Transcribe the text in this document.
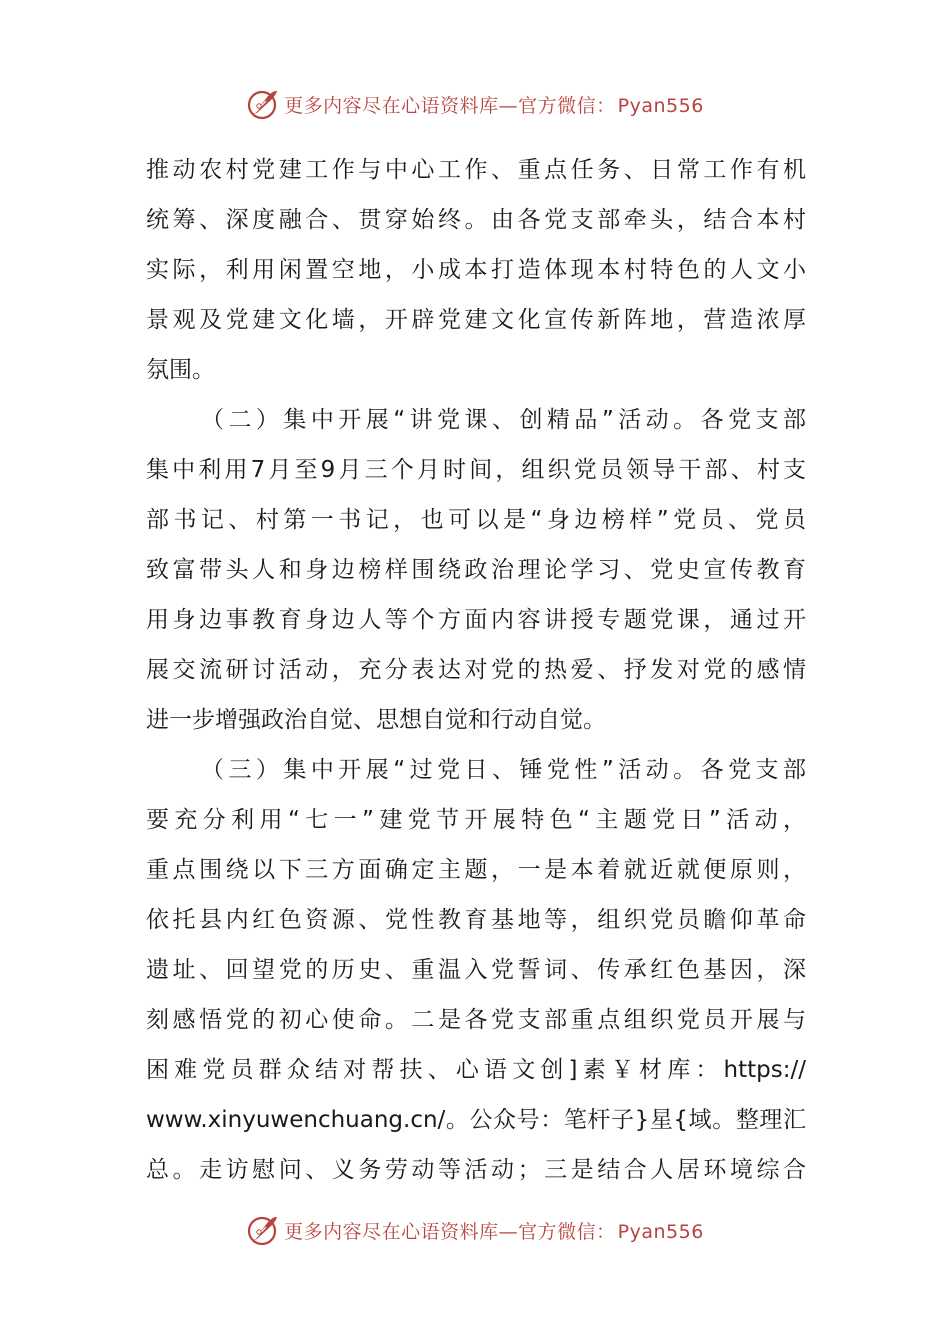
更多内容尽在心语资料库—官方微信： Pyan556
推动农村党建工作与中心工作、重点任务、日常工作有机
统筹、深度融合、贯穿始终。由各党支部牵头，结合本村
实际，利用闲置空地，小成本打造体现本村特色的人文小
景观及党建文化墙，开辟党建文化宣传新阵地，营造浓厚
氛围。
（二）集中开展“讲党课、创精品”活动。各党支部
集中利用7月至9月三个月时间，组织党员领导干部、村支
部书记、村第一书记，也可以是“身边榜样”党员、党员
致富带头人和身边榜样围绕政治理论学习、党史宣传教育
用身边事教育身边人等个方面内容讲授专题党课，通过开
展交流研讨活动，充分表达对党的热爱、抒发对党的感情
进一步增强政治自觉、思想自觉和行动自觉。
（三）集中开展“过党日、锤党性”活动。各党支部
要充分利用“七一”建党节开展特色“主题党日”活动，
重点围绕以下三方面确定主题，一是本着就近就便原则，
依托县内红色资源、党性教育基地等，组织党员瞻仰革命
遗址、回望党的历史、重温入党誓词、传承红色基因，深
刻感悟党的初心使命。二是各党支部重点组织党员开展与
困难党员群众结对帮扶、心语文创]素￥材库：https://
www.xinyuwenchuang.cn/。公众号：笔杆子}星{域。整理汇
总。走访慰问、义务劳动等活动；三是结合人居环境综合
更多内容尽在心语资料库—官方微信： Pyan556
